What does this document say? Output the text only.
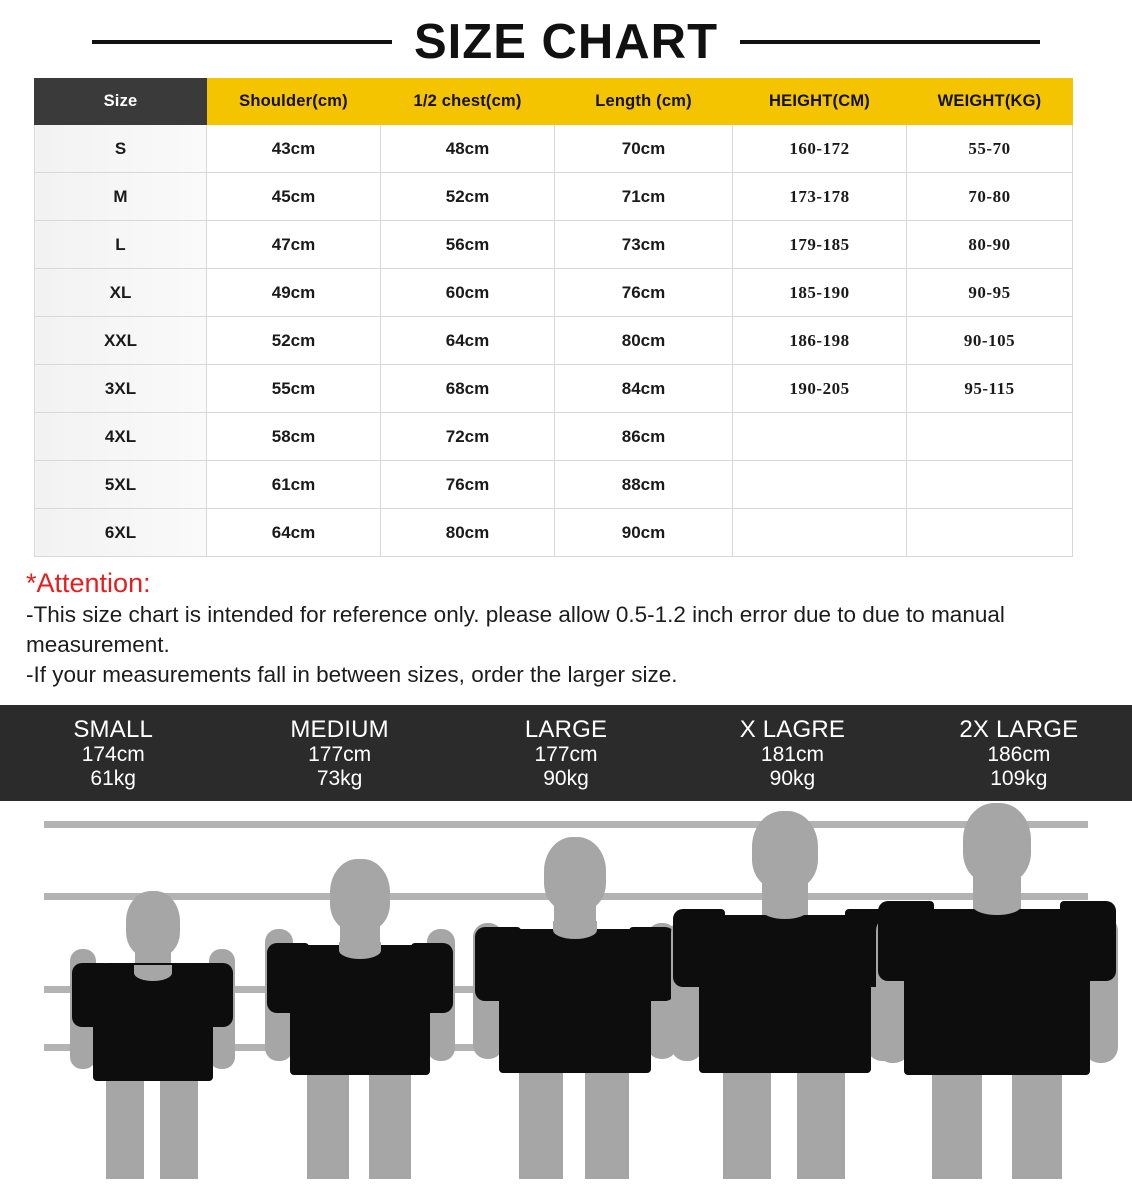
SIZE CHART
Size	Shoulder(cm)	1/2 chest(cm)	Length (cm)	HEIGHT(CM)	WEIGHT(KG)
S	43cm	48cm	70cm	160-172	55-70
M	45cm	52cm	71cm	173-178	70-80
L	47cm	56cm	73cm	179-185	80-90
XL	49cm	60cm	76cm	185-190	90-95
XXL	52cm	64cm	80cm	186-198	90-105
3XL	55cm	68cm	84cm	190-205	95-115
4XL	58cm	72cm	86cm		
5XL	61cm	76cm	88cm		
6XL	64cm	80cm	90cm		
*Attention:

-This size chart is intended for reference only. please allow 0.5-1.2 inch error due to due to manual measurement.

-If your measurements fall in between sizes, order the larger size.

SMALL
174cm
61kg
MEDIUM
177cm
73kg
LARGE
177cm
90kg
X LAGRE
181cm
90kg
2X LARGE
186cm
109kg
